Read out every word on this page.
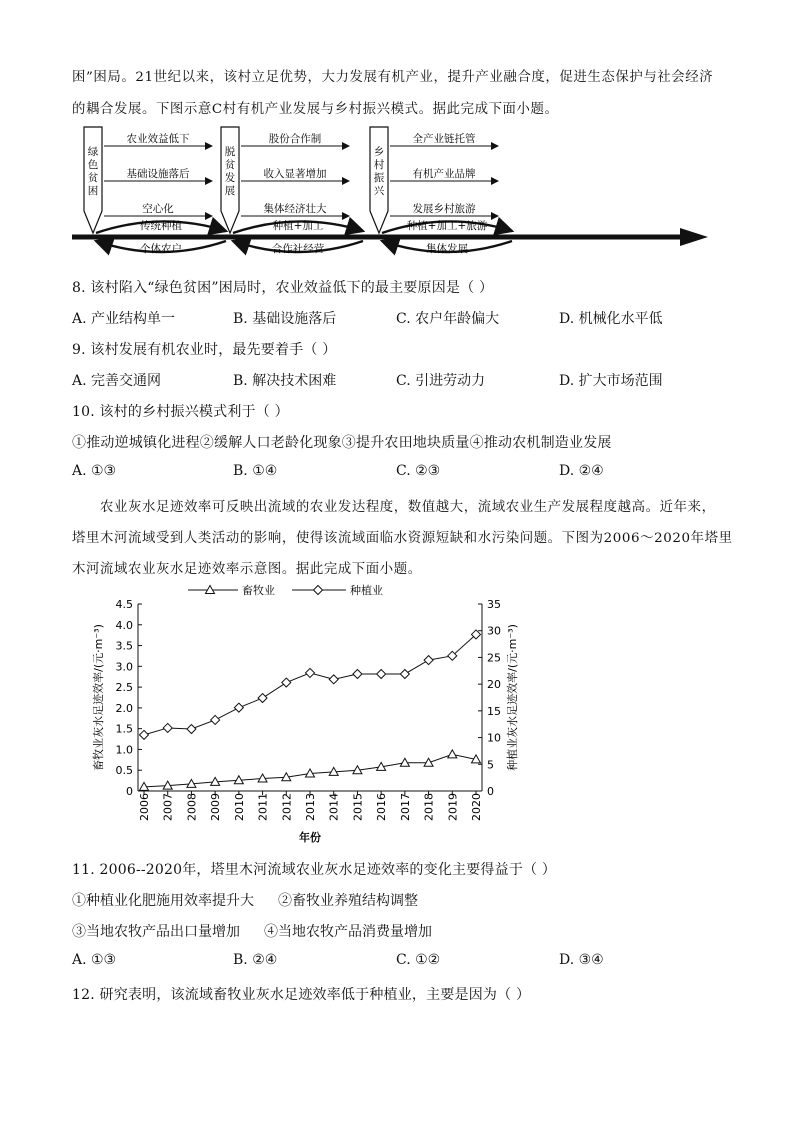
困”困局。21世纪以来，该村立足优势，大力发展有机产业，提升产业融合度，促进生态保护与社会经济
的耦合发展。下图示意C村有机产业发展与乡村振兴模式。据此完成下面小题。
绿
色
贫
困
农业效益低下
基础设施落后
空心化
传统种植
个体农户
脱
贫
发
展
股份合作制
收入显著增加
集体经济壮大
种植+加工
合作社经营
乡
村
振
兴
全产业链托管
有机产业品牌
发展乡村旅游
种植+加工+旅游
集体发展
8. 该村陷入“绿色贫困”困局时，农业效益低下的最主要原因是（ ）
A. 产业结构单一	B. 基础设施落后	C. 农户年龄偏大	D. 机械化水平低
9. 该村发展有机农业时，最先要着手（ ）
A. 完善交通网	B. 解决技术困难	C. 引进劳动力	D. 扩大市场范围
10. 该村的乡村振兴模式利于（ ）
①推动逆城镇化进程②缓解人口老龄化现象③提升农田地块质量④推动农机制造业发展
A. ①③	B. ①④	C. ②③	D. ②④
农业灰水足迹效率可反映出流域的农业发达程度，数值越大，流域农业生产发展程度越高。近年来，
塔里木河流域受到人类活动的影响，使得该流域面临水资源短缺和水污染问题。下图为2006～2020年塔里
木河流域农业灰水足迹效率示意图。据此完成下面小题。
0
0.5
1.0
1.5
2.0
2.5
3.0
3.5
4.0
4.5
0
5
10
15
20
25
30
35
2006 2007 2008 2009 2010 2011 2012 2013 2014 2015 2016 2017 2018 2019 2020
年份
畜牧业灰水足迹效率/(元·m⁻³)	种植业灰水足迹效率/(元·m⁻³)
畜牧业	种植业
11. 2006--2020年，塔里木河流域农业灰水足迹效率的变化主要得益于（ ）
①种植业化肥施用效率提升大 ②畜牧业养殖结构调整
③当地农牧产品出口量增加 ④当地农牧产品消费量增加
A. ①③	B. ②④	C. ①②	D. ③④
12. 研究表明，该流域畜牧业灰水足迹效率低于种植业，主要是因为（ ）
